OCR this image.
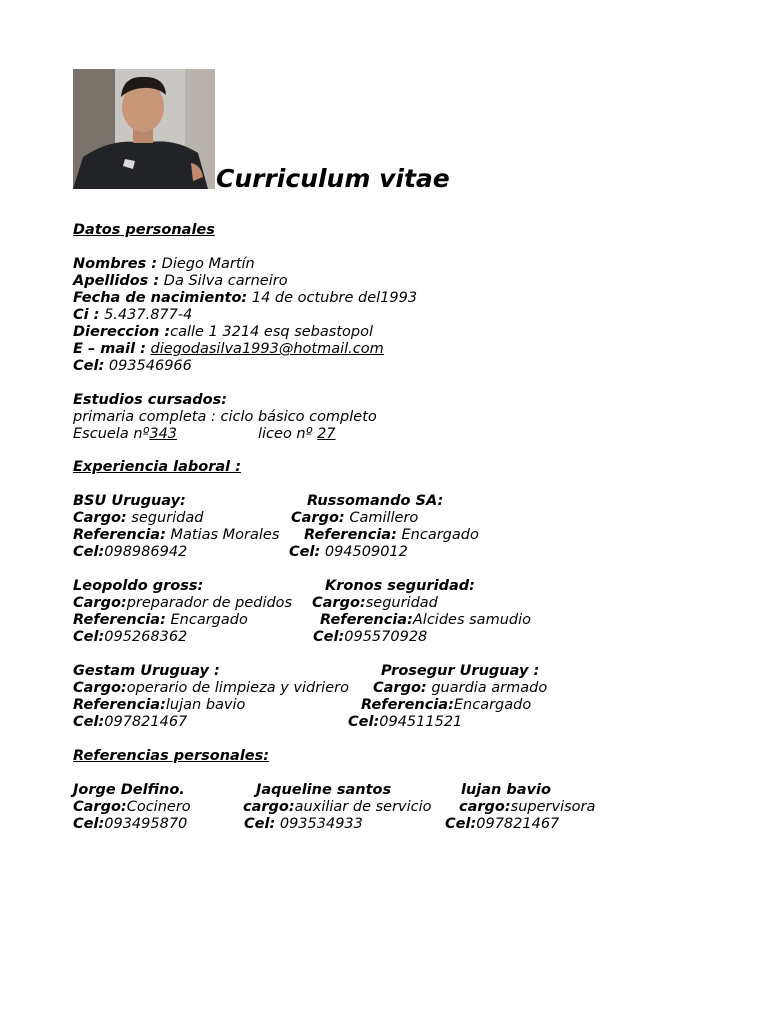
Curriculum vitae
Datos personales
Nombres : Diego Martín
Apellidos : Da Silva carneiro
Fecha de nacimiento: 14 de octubre del1993
Ci : 5.437.877-4
Diereccion :calle 1 3214 esq sebastopol
E – mail : diegodasilva1993@hotmail.com
Cel: 093546966
Estudios cursados:
primaria completa : ciclo básico completo
Escuela nº343	liceo nº 27
Experiencia laboral :
BSU Uruguay:
Cargo: seguridad
Referencia: Matias Morales
Cel:098986942
Russomando SA:
Cargo: Camillero
Referencia: Encargado
Cel: 094509012
Leopoldo gross:
Cargo:preparador de pedidos
Referencia: Encargado
Cel:095268362
Kronos seguridad:
Cargo:seguridad
Referencia:Alcides samudio
Cel:095570928
Gestam Uruguay :
Cargo:operario de limpieza y vidriero
Referencia:lujan bavio
Cel:097821467
Prosegur Uruguay :
Cargo: guardia armado
Referencia:Encargado
Cel:094511521
Referencias personales:
Jorge Delfino.
Cargo:Cocinero
Cel:093495870
Jaqueline santos
cargo:auxiliar de servicio
Cel: 093534933
lujan bavio
cargo:supervisora
Cel:097821467
